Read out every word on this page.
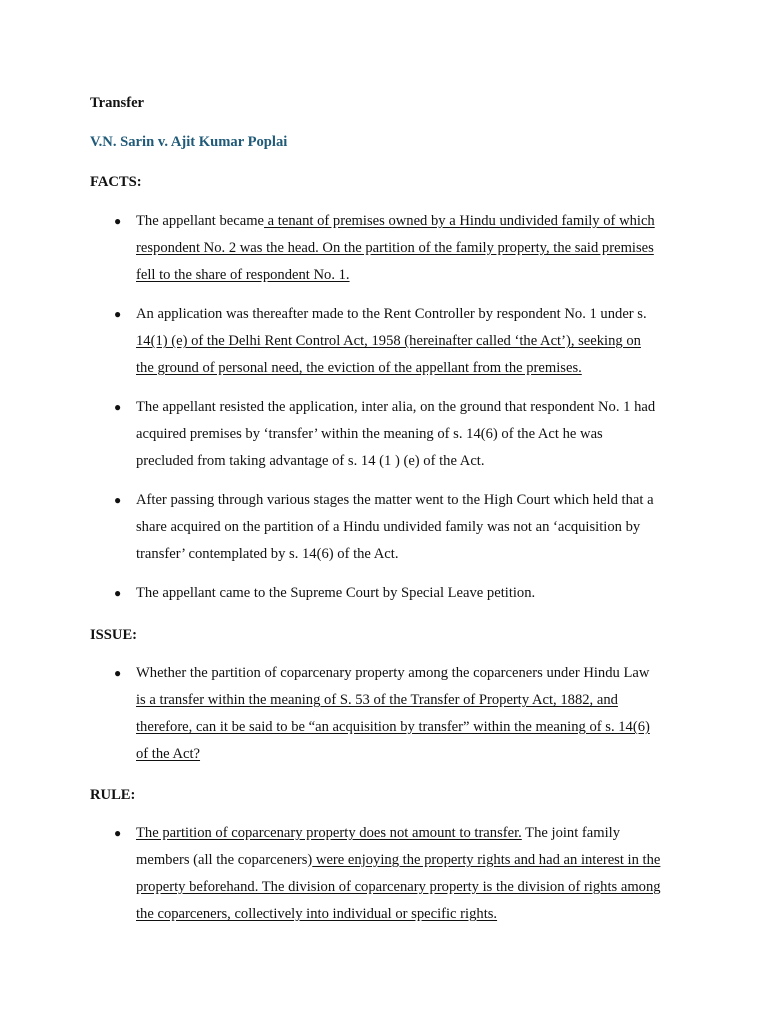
Transfer
V.N. Sarin v. Ajit Kumar Poplai
FACTS:
● The appellant became a tenant of premises owned by a Hindu undivided family of which
respondent No. 2 was the head. On the partition of the family property, the said premises
fell to the share of respondent No. 1.
● An application was thereafter made to the Rent Controller by respondent No. 1 under s.
14(1) (e) of the Delhi Rent Control Act, 1958 (hereinafter called ‘the Act’), seeking on
the ground of personal need, the eviction of the appellant from the premises.
● The appellant resisted the application, inter alia, on the ground that respondent No. 1 had
acquired premises by ‘transfer’ within the meaning of s. 14(6) of the Act he was
precluded from taking advantage of s. 14 (1 ) (e) of the Act.
● After passing through various stages the matter went to the High Court which held that a
share acquired on the partition of a Hindu undivided family was not an ‘acquisition by
transfer’ contemplated by s. 14(6) of the Act.
● The appellant came to the Supreme Court by Special Leave petition.
ISSUE:
● Whether the partition of coparcenary property among the coparceners under Hindu Law
is a transfer within the meaning of S. 53 of the Transfer of Property Act, 1882, and
therefore, can it be said to be “an acquisition by transfer” within the meaning of s. 14(6)
of the Act?
RULE:
● The partition of coparcenary property does not amount to transfer. The joint family
members (all the coparceners) were enjoying the property rights and had an interest in the
property beforehand. The division of coparcenary property is the division of rights among
the coparceners, collectively into individual or specific rights.
